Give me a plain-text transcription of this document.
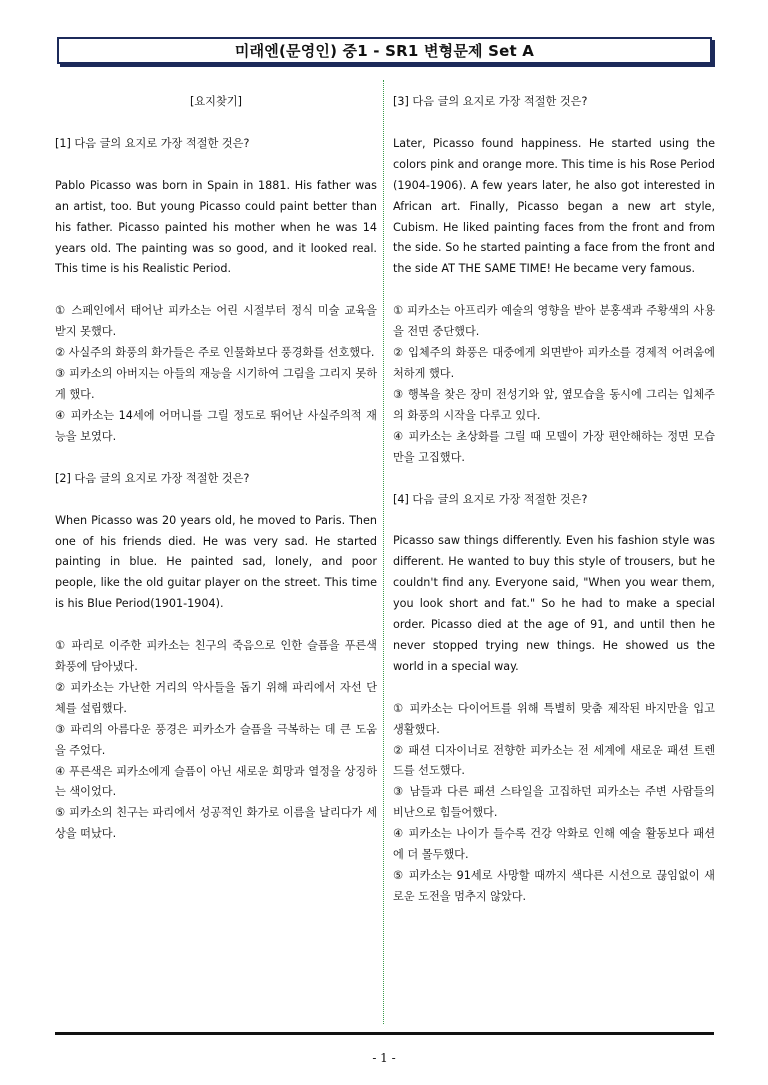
미래엔(문영인) 중1 - SR1 변형문제 Set A

[요지찾기]

[1] 다음 글의 요지로 가장 적절한 것은?

Pablo Picasso was born in Spain in 1881. His father was an artist, too. But young Picasso could paint better than his father. Picasso painted his mother when he was 14 years old. The painting was so good, and it looked real. This time is his Realistic Period.

① 스페인에서 태어난 피카소는 어린 시절부터 정식 미술 교육을 받지 못했다.

② 사실주의 화풍의 화가들은 주로 인물화보다 풍경화를 선호했다.

③ 피카소의 아버지는 아들의 재능을 시기하여 그림을 그리지 못하게 했다.

④ 피카소는 14세에 어머니를 그릴 정도로 뛰어난 사실주의적 재능을 보였다.

[2] 다음 글의 요지로 가장 적절한 것은?

When Picasso was 20 years old, he moved to Paris. Then one of his friends died. He was very sad. He started painting in blue. He painted sad, lonely, and poor people, like the old guitar player on the street. This time is his Blue Period(1901-1904).

① 파리로 이주한 피카소는 친구의 죽음으로 인한 슬픔을 푸른색 화풍에 담아냈다.

② 피카소는 가난한 거리의 악사들을 돕기 위해 파리에서 자선 단체를 설립했다.

③ 파리의 아름다운 풍경은 피카소가 슬픔을 극복하는 데 큰 도움을 주었다.

④ 푸른색은 피카소에게 슬픔이 아닌 새로운 희망과 열정을 상징하는 색이었다.

⑤ 피카소의 친구는 파리에서 성공적인 화가로 이름을 날리다가 세상을 떠났다.

[3] 다음 글의 요지로 가장 적절한 것은?

Later, Picasso found happiness. He started using the colors pink and orange more. This time is his Rose Period (1904-1906). A few years later, he also got interested in African art. Finally, Picasso began a new art style, Cubism. He liked painting faces from the front and from the side. So he started painting a face from the front and the side AT THE SAME TIME! He became very famous.

① 피카소는 아프리카 예술의 영향을 받아 분홍색과 주황색의 사용을 전면 중단했다.

② 입체주의 화풍은 대중에게 외면받아 피카소를 경제적 어려움에 처하게 했다.

③ 행복을 찾은 장미 전성기와 앞, 옆모습을 동시에 그리는 입체주의 화풍의 시작을 다루고 있다.

④ 피카소는 초상화를 그릴 때 모델이 가장 편안해하는 정면 모습만을 고집했다.

[4] 다음 글의 요지로 가장 적절한 것은?

Picasso saw things differently. Even his fashion style was different. He wanted to buy this style of trousers, but he couldn't find any. Everyone said, "When you wear them, you look short and fat." So he had to make a special order. Picasso died at the age of 91, and until then he never stopped trying new things. He showed us the world in a special way.

① 피카소는 다이어트를 위해 특별히 맞춤 제작된 바지만을 입고 생활했다.

② 패션 디자이너로 전향한 피카소는 전 세계에 새로운 패션 트렌드를 선도했다.

③ 남들과 다른 패션 스타일을 고집하던 피카소는 주변 사람들의 비난으로 힘들어했다.

④ 피카소는 나이가 들수록 건강 악화로 인해 예술 활동보다 패션에 더 몰두했다.

⑤ 피카소는 91세로 사망할 때까지 색다른 시선으로 끊임없이 새로운 도전을 멈추지 않았다.

- 1 -
